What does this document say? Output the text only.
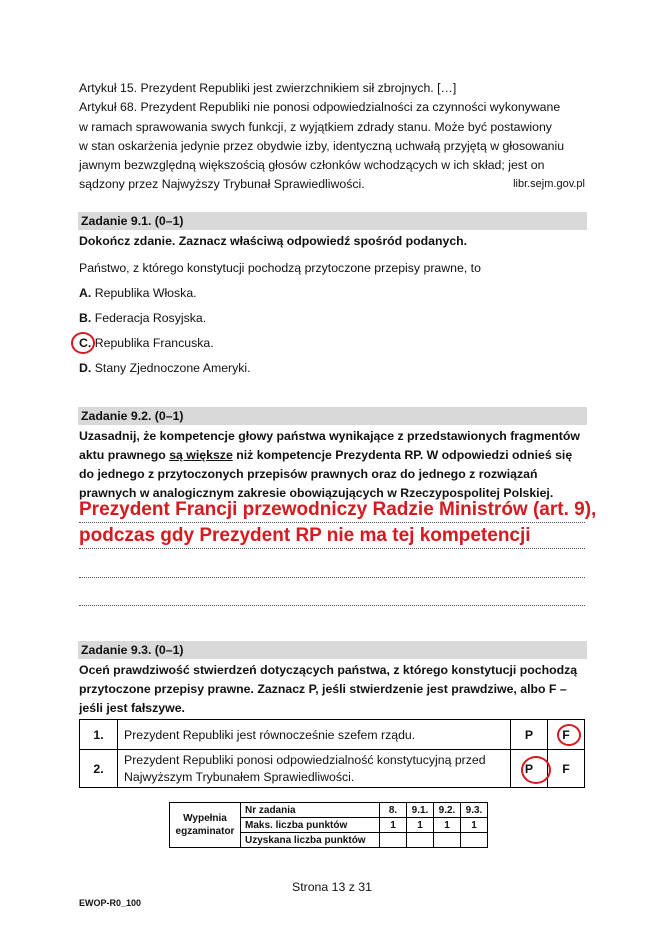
Artykuł 15. Prezydent Republiki jest zwierzchnikiem sił zbrojnych. […]

Artykuł 68. Prezydent Republiki nie ponosi odpowiedzialności za czynności wykonywane

w ramach sprawowania swych funkcji, z wyjątkiem zdrady stanu. Może być postawiony

w stan oskarżenia jedynie przez obydwie izby, identyczną uchwałą przyjętą w głosowaniu

jawnym bezwzględną większością głosów członków wchodzących w ich skład; jest on

sądzony przez Najwyższy Trybunał Sprawiedliwości.	libr.sejm.gov.pl
Zadanie 9.1. (0–1)
Dokończ zdanie. Zaznacz właściwą odpowiedź spośród podanych.
Państwo, z którego konstytucji pochodzą przytoczone przepisy prawne, to
A. Republika Włoska.
B. Federacja Rosyjska.
C. Republika Francuska.
D. Stany Zjednoczone Ameryki.
Zadanie 9.2. (0–1)
Uzasadnij, że kompetencje głowy państwa wynikające z przedstawionych fragmentów
aktu prawnego są większe niż kompetencje Prezydenta RP. W odpowiedzi odnieś się
do jednego z przytoczonych przepisów prawnych oraz do jednego z rozwiązań
prawnych w analogicznym zakresie obowiązujących w Rzeczypospolitej Polskiej.
Prezydent Francji przewodniczy Radzie Ministrów (art. 9),
podczas gdy Prezydent RP nie ma tej kompetencji
Zadanie 9.3. (0–1)
Oceń prawdziwość stwierdzeń dotyczących państwa, z którego konstytucji pochodzą
przytoczone przepisy prawne. Zaznacz P, jeśli stwierdzenie jest prawdziwe, albo F –
jeśli jest fałszywe.
1.	Prezydent Republiki jest równocześnie szefem rządu.	P	F
2.	Prezydent Republiki ponosi odpowiedzialność konstytucyjną przed
Najwyższym Trybunałem Sprawiedliwości.	P	F
Wypełnia
egzaminator	Nr zadania	8.	9.1.	9.2.	9.3.
	Maks. liczba punktów	1	1	1	1
	Uzyskana liczba punktów				
Strona 13 z 31
EWOP-R0_100
